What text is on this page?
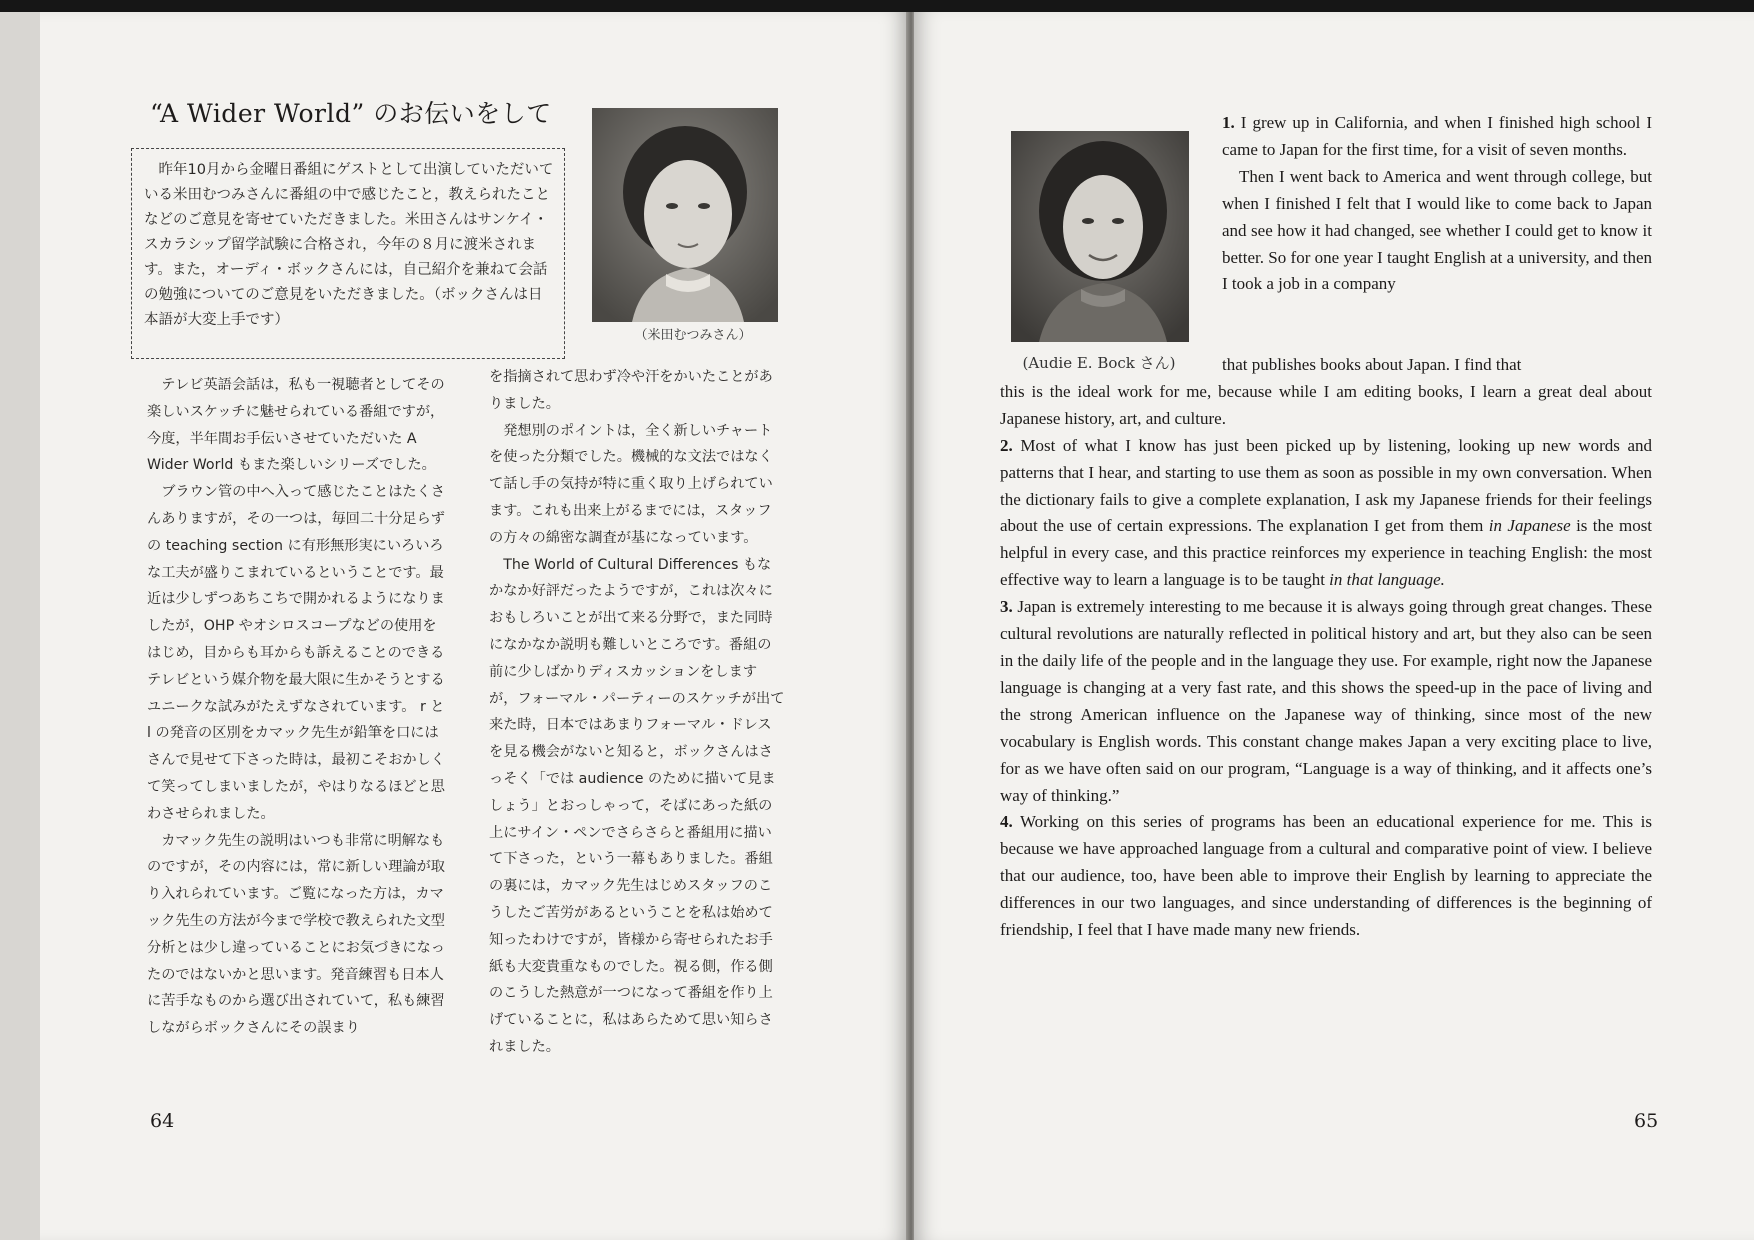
“A Wider World” のお伝いをして

昨年10月から金曜日番組にゲストとして出演していただいている米田むつみさんに番組の中で感じたこと，教えられたことなどのご意見を寄せていただきました。米田さんはサンケイ・スカラシップ留学試験に合格され，今年の８月に渡米されます。また，オーディ・ボックさんには，自己紹介を兼ねて会話の勉強についてのご意見をいただきました。（ボックさんは日本語が大変上手です）

（米田むつみさん）

テレビ英語会話は，私も一視聴者としてその楽しいスケッチに魅せられている番組ですが，今度，半年間お手伝いさせていただいた A Wider World もまた楽しいシリーズでした。

ブラウン管の中へ入って感じたことはたくさんありますが，その一つは，毎回二十分足らずの teaching section に有形無形実にいろいろな工夫が盛りこまれているということです。最近は少しずつあちこちで開かれるようになりましたが，OHP やオシロスコープなどの使用をはじめ，目からも耳からも訴えることのできるテレビという媒介物を最大限に生かそうとするユニークな試みがたえずなされています。 r と l の発音の区別をカマック先生が鉛筆を口にはさんで見せて下さった時は，最初こそおかしくて笑ってしまいましたが，やはりなるほどと思わさせられました。

カマック先生の説明はいつも非常に明解なものですが，その内容には，常に新しい理論が取り入れられています。ご覧になった方は，カマック先生の方法が今まで学校で教えられた文型分析とは少し違っていることにお気づきになったのではないかと思います。発音練習も日本人に苦手なものから選び出されていて，私も練習しながらボックさんにその誤まり

を指摘されて思わず冷や汗をかいたことがありました。

発想別のポイントは，全く新しいチャートを使った分類でした。機械的な文法ではなくて話し手の気持が特に重く取り上げられています。これも出来上がるまでには，スタッフの方々の綿密な調査が基になっています。

The World of Cultural Differences もなかなか好評だったようですが，これは次々におもしろいことが出て来る分野で，また同時になかなか説明も難しいところです。番組の前に少しばかりディスカッションをしますが，フォーマル・パーティーのスケッチが出て来た時，日本ではあまりフォーマル・ドレスを見る機会がないと知ると，ボックさんはさっそく「では audience のために描いて見ましょう」とおっしゃって，そばにあった紙の上にサイン・ペンでさらさらと番組用に描いて下さった，という一幕もありました。番組の裏には，カマック先生はじめスタッフのこうしたご苦労があるということを私は始めて知ったわけですが，皆様から寄せられたお手紙も大変貴重なものでした。視る側，作る側のこうした熱意が一つになって番組を作り上げていることに，私はあらためて思い知らされました。

64
(Audie E. Bock さん)

1. I grew up in California, and when I finished high school I came to Japan for the first time, for a visit of seven months.

Then I went back to America and went through college, but when I finished I felt that I would like to come back to Japan and see how it had changed, see whether I could get to know it better. So for one year I taught English at a university, and then I took a job in a company

that publishes books about Japan. I find that

this is the ideal work for me, because while I am editing books, I learn a great deal about Japanese history, art, and culture.

2. Most of what I know has just been picked up by listening, looking up new words and patterns that I hear, and starting to use them as soon as possible in my own conversation. When the dictionary fails to give a complete explanation, I ask my Japanese friends for their feelings about the use of certain expressions. The explanation I get from them in Japanese is the most helpful in every case, and this practice reinforces my experience in teaching English: the most effective way to learn a language is to be taught in that language.

3. Japan is extremely interesting to me because it is always going through great changes. These cultural revolutions are naturally reflected in political history and art, but they also can be seen in the daily life of the people and in the language they use. For example, right now the Japanese language is changing at a very fast rate, and this shows the speed-up in the pace of living and the strong American influence on the Japanese way of thinking, since most of the new vocabulary is English words. This constant change makes Japan a very exciting place to live, for as we have often said on our program, “Language is a way of thinking, and it affects one’s way of thinking.”

4. Working on this series of programs has been an educational experience for me. This is because we have approached language from a cultural and comparative point of view. I believe that our audience, too, have been able to improve their English by learning to appreciate the differences in our two languages, and since understanding of differences is the beginning of friendship, I feel that I have made many new friends.

65
